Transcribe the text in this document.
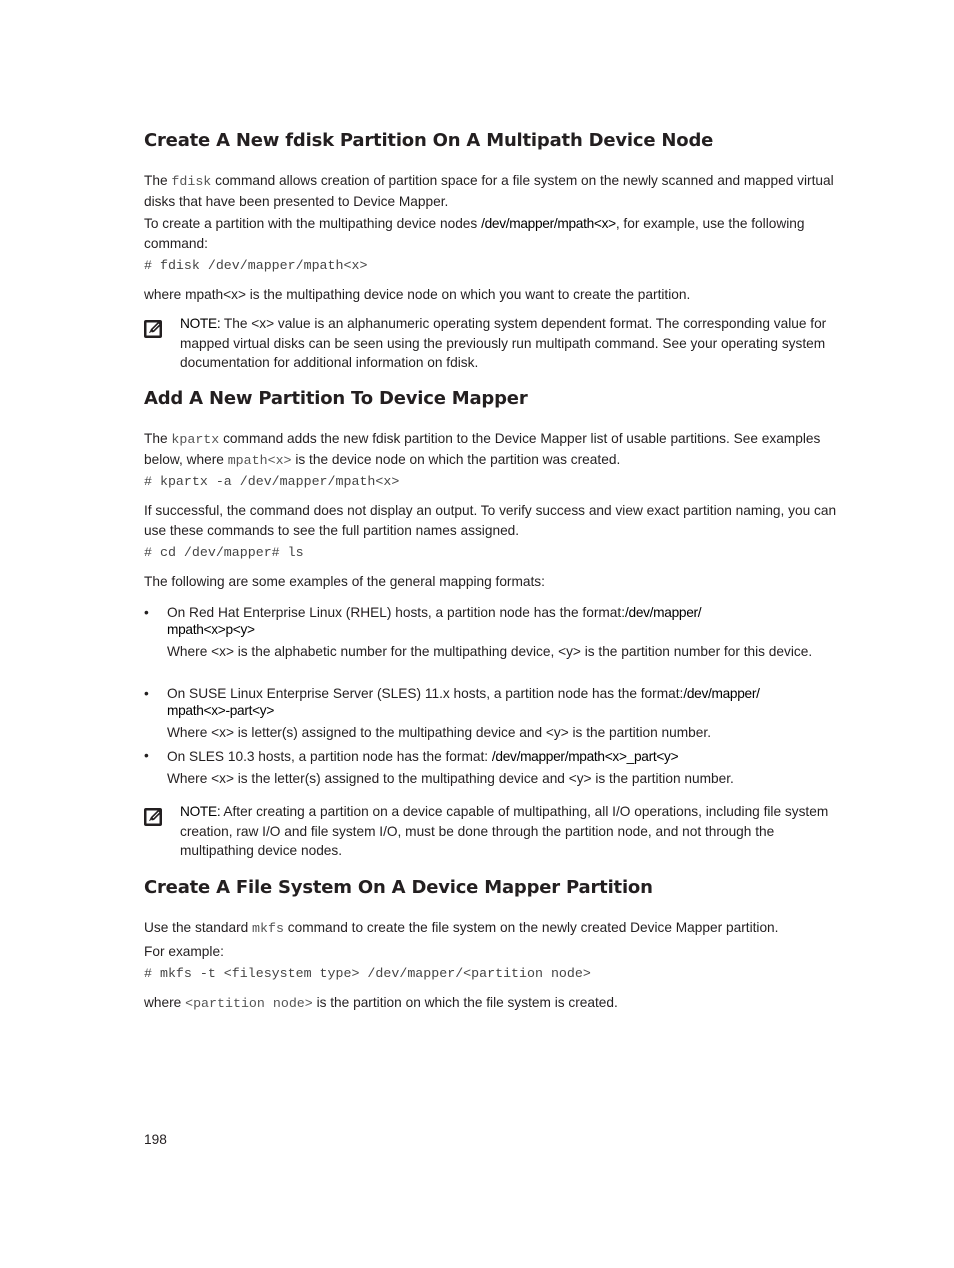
Create A New fdisk Partition On A Multipath Device Node

The fdisk command allows creation of partition space for a file system on the newly scanned and mapped virtual disks that have been presented to Device Mapper.

To create a partition with the multipathing device nodes /dev/mapper/mpath<x>, for example, use the following command:

# fdisk /dev/mapper/mpath<x>

where mpath<x> is the multipathing device node on which you want to create the partition.

NOTE: The <x> value is an alphanumeric operating system dependent format. The corresponding value for mapped virtual disks can be seen using the previously run multipath command. See your operating system documentation for additional information on fdisk.

Add A New Partition To Device Mapper

The kpartx command adds the new fdisk partition to the Device Mapper list of usable partitions. See examples below, where mpath<x> is the device node on which the partition was created.

# kpartx -a /dev/mapper/mpath<x>

If successful, the command does not display an output. To verify success and view exact partition naming, you can use these commands to see the full partition names assigned.

# cd /dev/mapper# ls

The following are some examples of the general mapping formats:

• On Red Hat Enterprise Linux (RHEL) hosts, a partition node has the format:/dev/mapper/
mpath<x>p<y>

Where <x> is the alphabetic number for the multipathing device, <y> is the partition number for this device.

• On SUSE Linux Enterprise Server (SLES) 11.x hosts, a partition node has the format:/dev/mapper/
mpath<x>-part<y>

Where <x> is letter(s) assigned to the multipathing device and <y> is the partition number.

• On SLES 10.3 hosts, a partition node has the format: /dev/mapper/mpath<x>_part<y>

Where <x> is the letter(s) assigned to the multipathing device and <y> is the partition number.

NOTE: After creating a partition on a device capable of multipathing, all I/O operations, including file system creation, raw I/O and file system I/O, must be done through the partition node, and not through the multipathing device nodes.

Create A File System On A Device Mapper Partition

Use the standard mkfs command to create the file system on the newly created Device Mapper partition.

For example:

# mkfs -t <filesystem type> /dev/mapper/<partition node>

where <partition node> is the partition on which the file system is created.

198
